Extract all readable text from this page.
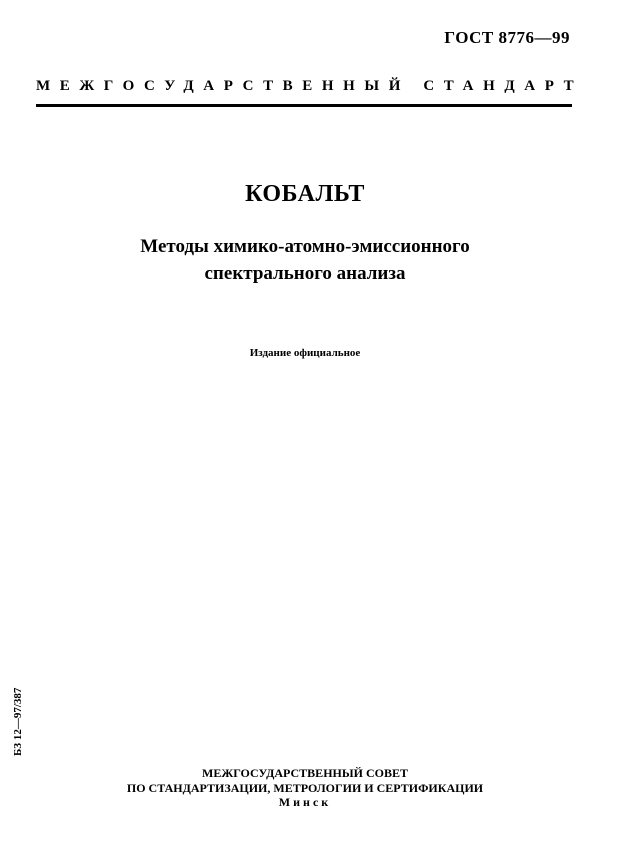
ГОСТ 8776—99
МЕЖГОСУДАРСТВЕННЫЙ СТАНДАРТ
КОБАЛЬТ
Методы химико-атомно-эмиссионного
спектрального анализа
Издание официальное
БЗ 12—97/387
МЕЖГОСУДАРСТВЕННЫЙ СОВЕТ
ПО СТАНДАРТИЗАЦИИ, МЕТРОЛОГИИ И СЕРТИФИКАЦИИ
Минск
